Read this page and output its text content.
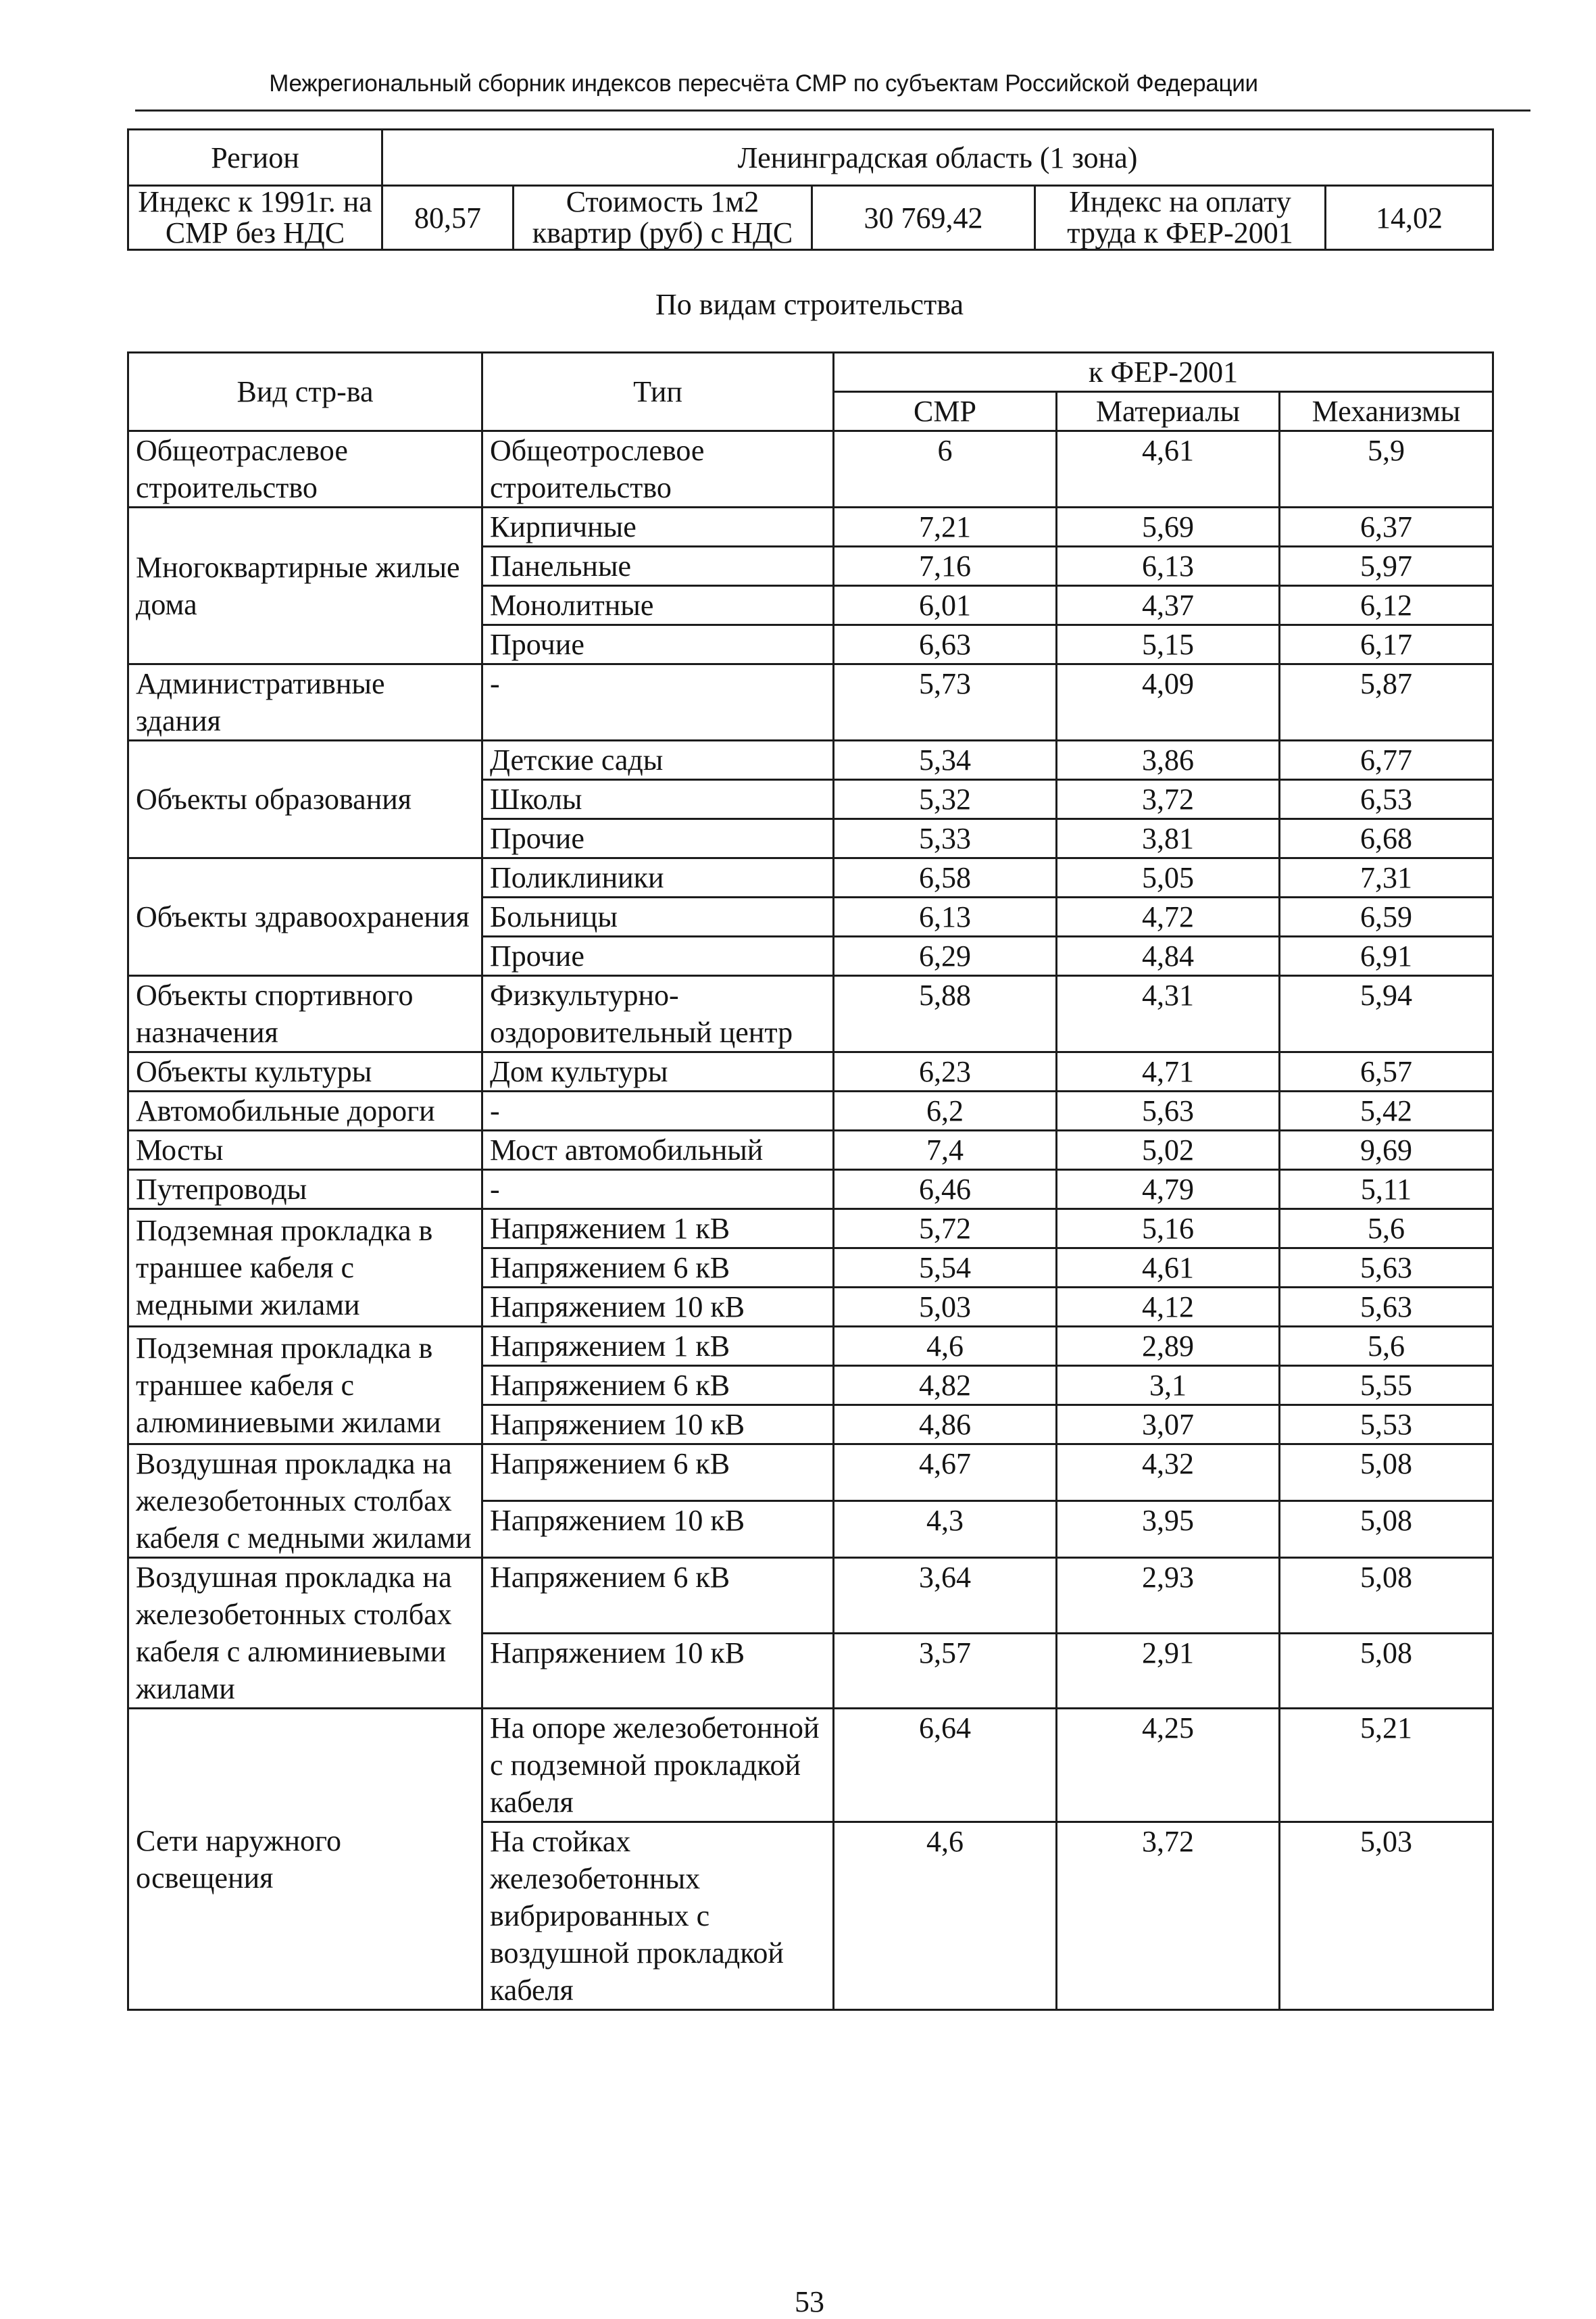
Межрегиональный сборник индексов пересчёта СМР по субъектам Российской Федерации
Регион	Ленинградская область (1 зона)				
Индекс к 1991г. на СМР без НДС	80,57	Стоимость 1м2 квартир (руб) с НДС	30 769,42	Индекс на оплату труда к ФЕР-2001	14,02
По видам строительства
Вид стр-ва	Тип	к ФЕР-2001		
		СМР	Материалы	Механизмы
Общеотраслевое строительство	Общеотрослевое строительство	6	4,61	5,9
Многоквартирные жилые дома	Кирпичные	7,21	5,69	6,37
	Панельные	7,16	6,13	5,97
	Монолитные	6,01	4,37	6,12
	Прочие	6,63	5,15	6,17
Административные здания	-	5,73	4,09	5,87
Объекты образования	Детские сады	5,34	3,86	6,77
	Школы	5,32	3,72	6,53
	Прочие	5,33	3,81	6,68
Объекты здравоохранения	Поликлиники	6,58	5,05	7,31
	Больницы	6,13	4,72	6,59
	Прочие	6,29	4,84	6,91
Объекты спортивного назначения	Физкультурно-оздоровительный центр	5,88	4,31	5,94
Объекты культуры	Дом культуры	6,23	4,71	6,57
Автомобильные дороги	-	6,2	5,63	5,42
Мосты	Мост автомобильный	7,4	5,02	9,69
Путепроводы	-	6,46	4,79	5,11
Подземная прокладка в траншее кабеля с медными жилами	Напряжением 1 кВ	5,72	5,16	5,6
	Напряжением 6 кВ	5,54	4,61	5,63
	Напряжением 10 кВ	5,03	4,12	5,63
Подземная прокладка в траншее кабеля с алюминиевыми жилами	Напряжением 1 кВ	4,6	2,89	5,6
	Напряжением 6 кВ	4,82	3,1	5,55
	Напряжением 10 кВ	4,86	3,07	5,53
Воздушная прокладка на железобетонных столбах кабеля с медными жилами	Напряжением 6 кВ	4,67	4,32	5,08
	Напряжением 10 кВ	4,3	3,95	5,08
Воздушная прокладка на железобетонных столбах кабеля с алюминиевыми жилами	Напряжением 6 кВ	3,64	2,93	5,08
	Напряжением 10 кВ	3,57	2,91	5,08
Сети наружного освещения	На опоре железобетонной с подземной прокладкой кабеля	6,64	4,25	5,21
	На стойках железобетонных вибрированных с воздушной прокладкой кабеля	4,6	3,72	5,03
53
